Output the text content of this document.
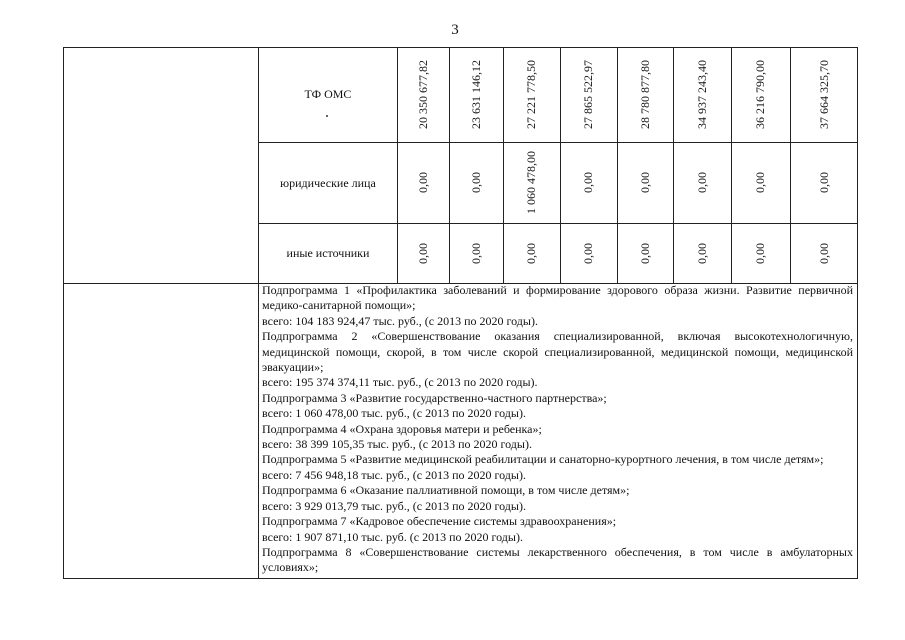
3
ТФ ОМС	20 350 677,82	23 631 146,12	27 221 778,50	27 865 522,97	28 780 877,80	34 937 243,40	36 216 790,00	37 664 325,70
юридические лица	0,00	0,00	1 060 478,00	0,00	0,00	0,00	0,00	0,00
иные источники	0,00	0,00	0,00	0,00	0,00	0,00	0,00	0,00

Подпрограмма 1 «Профилактика заболеваний и формирование здорового образа жизни. Развитие первичной медико-санитарной помощи»;

всего: 104 183 924,47 тыс. руб., (с 2013 по 2020 годы).

Подпрограмма 2 «Совершенствование оказания специализированной, включая высокотехнологичную, медицинской помощи, скорой, в том числе скорой специализированной, медицинской помощи, медицинской эвакуации»;

всего: 195 374 374,11 тыс. руб., (с 2013 по 2020 годы).

Подпрограмма 3 «Развитие государственно-частного партнерства»;

всего: 1 060 478,00 тыс. руб., (с 2013 по 2020 годы).

Подпрограмма 4 «Охрана здоровья матери и ребенка»;

всего: 38 399 105,35 тыс. руб., (с 2013 по 2020 годы).

Подпрограмма 5 «Развитие медицинской реабилитации и санаторно-курортного лечения, в том числе детям»;

всего: 7 456 948,18 тыс. руб., (с 2013 по 2020 годы).

Подпрограмма 6 «Оказание паллиативной помощи, в том числе детям»;

всего: 3 929 013,79 тыс. руб., (с 2013 по 2020 годы).

Подпрограмма 7 «Кадровое обеспечение системы здравоохранения»;

всего: 1 907 871,10 тыс. руб. (с 2013 по 2020 годы).

Подпрограмма 8 «Совершенствование системы лекарственного обеспечения, в том числе в амбулаторных условиях»;
